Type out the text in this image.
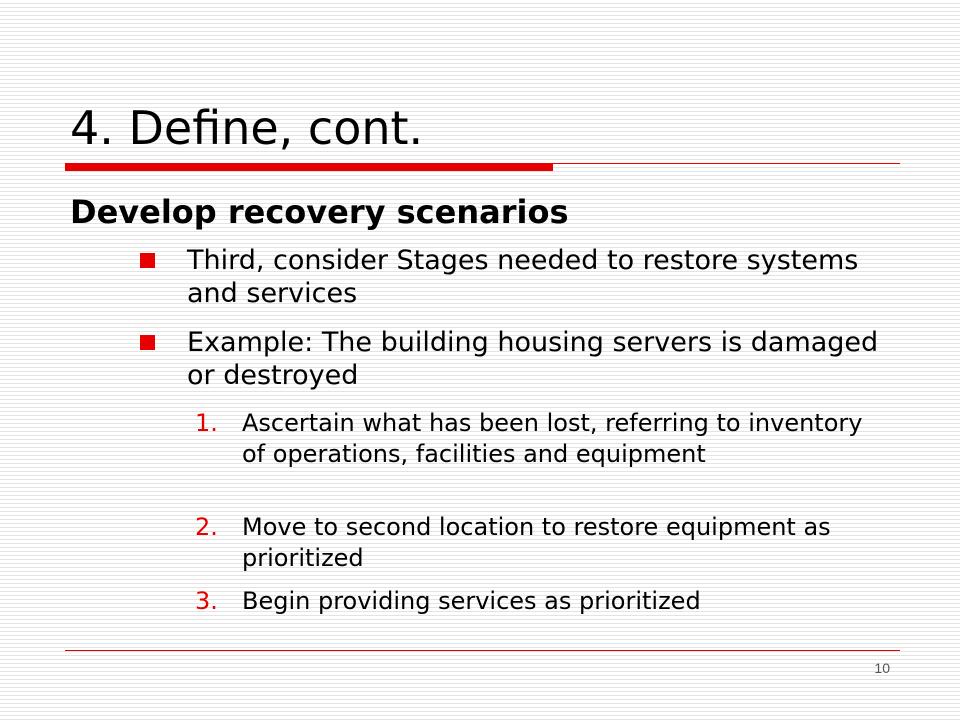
4. Define, cont.
Develop recovery scenarios
Third, consider Stages needed to restore systems and services
Example: The building housing servers is damaged or destroyed
1. Ascertain what has been lost, referring to inventory of operations, facilities and equipment
2. Move to second location to restore equipment as prioritized
3. Begin providing services as prioritized
10
